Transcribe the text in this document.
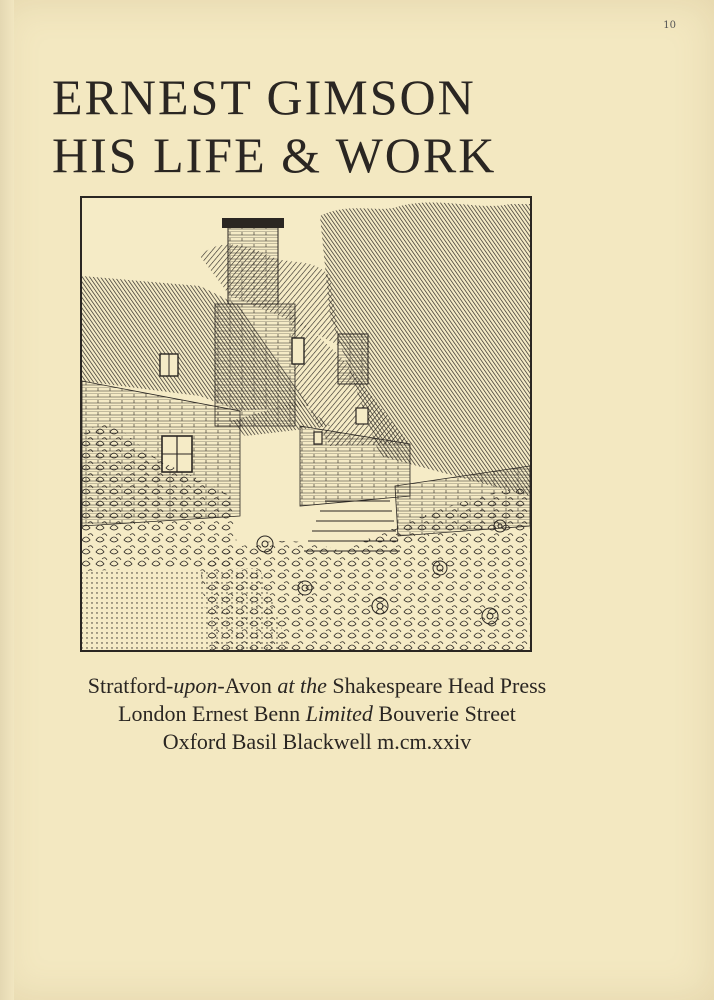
10
ERNEST GIMSON
HIS LIFE & WORK
Stratford-upon-Avon at the Shakespeare Head Press
London Ernest Benn Limited Bouverie Street
Oxford Basil Blackwell m.cm.xxiv
